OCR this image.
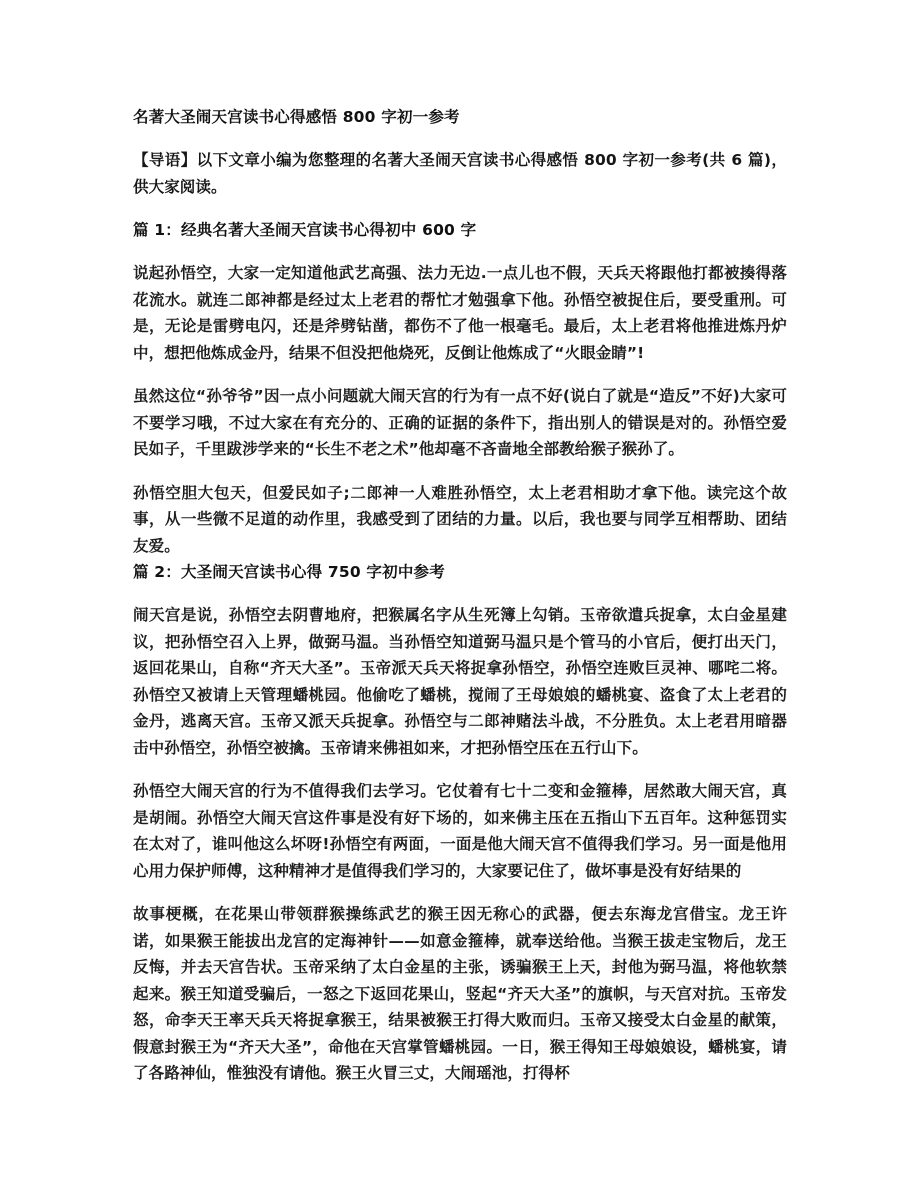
名著大圣闹天宫读书心得感悟 800 字初一参考

【导语】以下文章小编为您整理的名著大圣闹天宫读书心得感悟 800 字初一参考(共 6 篇)，供大家阅读。

篇 1：经典名著大圣闹天宫读书心得初中 600 字

说起孙悟空，大家一定知道他武艺高强、法力无边.一点儿也不假，天兵天将跟他打都被揍得落花流水。就连二郎神都是经过太上老君的帮忙才勉强拿下他。孙悟空被捉住后，要受重刑。可是，无论是雷劈电闪，还是斧劈钻凿，都伤不了他一根毫毛。最后，太上老君将他推进炼丹炉中，想把他炼成金丹，结果不但没把他烧死，反倒让他炼成了“火眼金睛”!

虽然这位“孙爷爷”因一点小问题就大闹天宫的行为有一点不好(说白了就是“造反”不好)大家可不要学习哦，不过大家在有充分的、正确的证据的条件下，指出别人的错误是对的。孙悟空爱民如子，千里跋涉学来的“长生不老之术”他却毫不吝啬地全部教给猴子猴孙了。

孙悟空胆大包天，但爱民如子;二郎神一人难胜孙悟空，太上老君相助才拿下他。读完这个故事，从一些微不足道的动作里，我感受到了团结的力量。以后，我也要与同学互相帮助、团结友爱。

篇 2：大圣闹天宫读书心得 750 字初中参考

闹天宫是说，孙悟空去阴曹地府，把猴属名字从生死簿上勾销。玉帝欲遣兵捉拿，太白金星建议，把孙悟空召入上界，做弼马温。当孙悟空知道弼马温只是个管马的小官后，便打出天门，返回花果山，自称“齐天大圣”。玉帝派天兵天将捉拿孙悟空，孙悟空连败巨灵神、哪咤二将。孙悟空又被请上天管理蟠桃园。他偷吃了蟠桃，搅闹了王母娘娘的蟠桃宴、盗食了太上老君的金丹，逃离天宫。玉帝又派天兵捉拿。孙悟空与二郎神赌法斗战，不分胜负。太上老君用暗器击中孙悟空，孙悟空被擒。玉帝请来佛祖如来，才把孙悟空压在五行山下。

孙悟空大闹天宫的行为不值得我们去学习。它仗着有七十二变和金箍棒，居然敢大闹天宫，真是胡闹。孙悟空大闹天宫这件事是没有好下场的，如来佛主压在五指山下五百年。这种惩罚实在太对了，谁叫他这么坏呀!孙悟空有两面，一面是他大闹天宫不值得我们学习。另一面是他用心用力保护师傅，这种精神才是值得我们学习的，大家要记住了，做坏事是没有好结果的

故事梗概，在花果山带领群猴操练武艺的猴王因无称心的武器，便去东海龙宫借宝。龙王许诺，如果猴王能拔出龙宫的定海神针——如意金箍棒，就奉送给他。当猴王拔走宝物后，龙王反悔，并去天宫告状。玉帝采纳了太白金星的主张，诱骗猴王上天，封他为弼马温，将他软禁起来。猴王知道受骗后，一怒之下返回花果山，竖起“齐天大圣”的旗帜，与天宫对抗。玉帝发怒，命李天王率天兵天将捉拿猴王，结果被猴王打得大败而归。玉帝又接受太白金星的献策，假意封猴王为“齐天大圣”，命他在天宫掌管蟠桃园。一日，猴王得知王母娘娘设，蟠桃宴，请了各路神仙，惟独没有请他。猴王火冒三丈，大闹瑶池，打得杯
